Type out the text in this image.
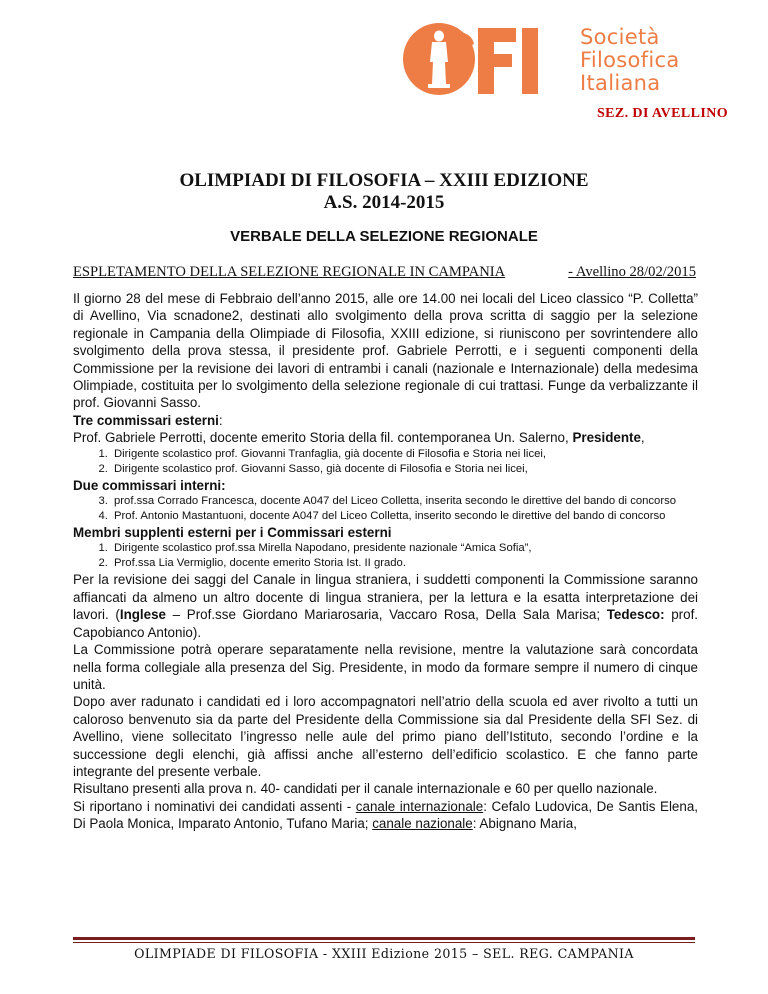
Società
Filosofica
Italiana
SEZ. DI AVELLINO
OLIMPIADI DI FILOSOFIA – XXIII EDIZIONE
A.S. 2014-2015
VERBALE DELLA SELEZIONE REGIONALE
ESPLETAMENTO DELLA SELEZIONE REGIONALE IN CAMPANIA	- Avellino 28/02/2015

Il giorno 28 del mese di Febbraio dell’anno 2015, alle ore 14.00 nei locali del Liceo classico “P. Colletta” di Avellino, Via scnadone2, destinati allo svolgimento della prova scritta di saggio per la selezione regionale in Campania della Olimpiade di Filosofia, XXIII edizione, si riuniscono per sovrintendere allo svolgimento della prova stessa, il presidente prof. Gabriele Perrotti, e i seguenti componenti della Commissione per la revisione dei lavori di entrambi i canali (nazionale e Internazionale) della medesima Olimpiade, costituita per lo svolgimento della selezione regionale di cui trattasi. Funge da verbalizzante il prof. Giovanni Sasso.

Tre commissari esterni:

Prof. Gabriele Perrotti, docente emerito Storia della fil. contemporanea Un. Salerno, Presidente,

1. Dirigente scolastico prof. Giovanni Tranfaglia, già docente di Filosofia e Storia nei licei,
2. Dirigente scolastico prof. Giovanni Sasso, già docente di Filosofia e Storia nei licei,

Due commissari interni:

3. prof.ssa Corrado Francesca, docente A047 del Liceo Colletta, inserita secondo le direttive del bando di concorso
4. Prof. Antonio Mastantuoni, docente A047 del Liceo Colletta, inserito secondo le direttive del bando di concorso

Membri supplenti esterni per i Commissari esterni

1. Dirigente scolastico prof.ssa Mirella Napodano, presidente nazionale “Amica Sofia”,
2. Prof.ssa Lia Vermiglio, docente emerito Storia Ist. II grado.

Per la revisione dei saggi del Canale in lingua straniera, i suddetti componenti la Commissione saranno affiancati da almeno un altro docente di lingua straniera, per la lettura e la esatta interpretazione dei lavori. (Inglese – Prof.sse Giordano Mariarosaria, Vaccaro Rosa, Della Sala Marisa; Tedesco: prof. Capobianco Antonio).

La Commissione potrà operare separatamente nella revisione, mentre la valutazione sarà concordata nella forma collegiale alla presenza del Sig. Presidente, in modo da formare sempre il numero di cinque unità.

Dopo aver radunato i candidati ed i loro accompagnatori nell’atrio della scuola ed aver rivolto a tutti un caloroso benvenuto sia da parte del Presidente della Commissione sia dal Presidente della SFI Sez. di Avellino, viene sollecitato l’ingresso nelle aule del primo piano dell’Istituto, secondo l’ordine e la successione degli elenchi, già affissi anche all’esterno dell’edificio scolastico. E che fanno parte integrante del presente verbale.

Risultano presenti alla prova n. 40- candidati per il canale internazionale e 60 per quello nazionale.

Si riportano i nominativi dei candidati assenti - canale internazionale: Cefalo Ludovica, De Santis Elena, Di Paola Monica, Imparato Antonio, Tufano Maria; canale nazionale: Abignano Maria,

OLIMPIADE DI FILOSOFIA - XXIII Edizione 2015 – SEL. REG. CAMPANIA
